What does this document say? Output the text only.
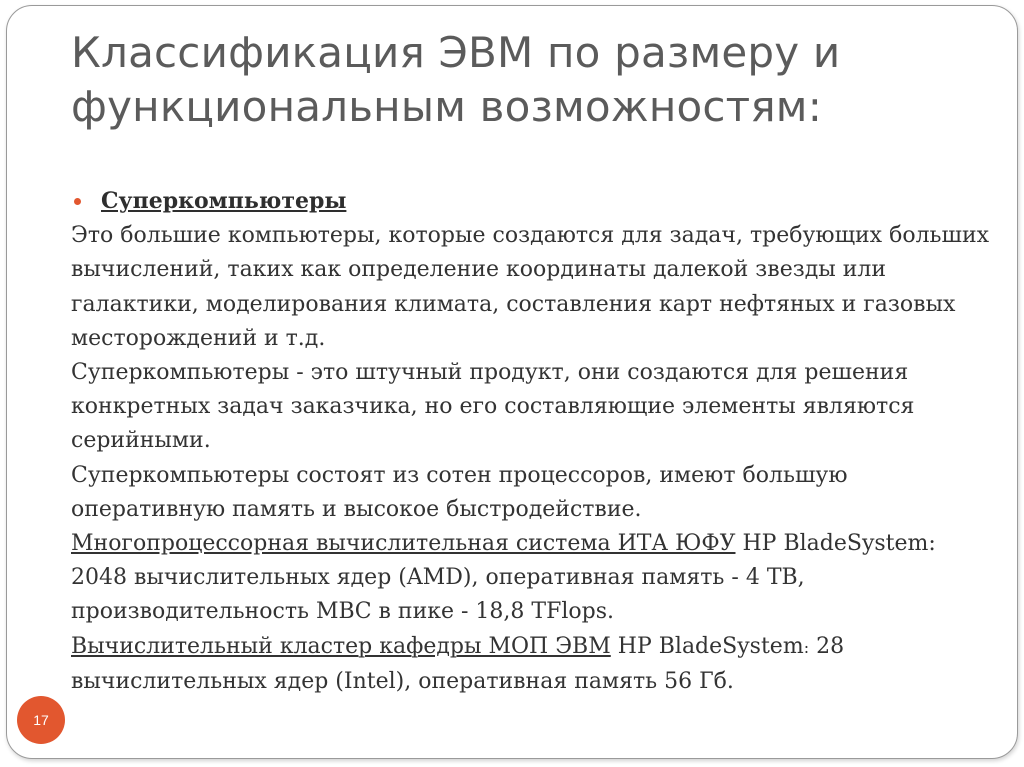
Классификация ЭВМ по размеру и функциональным возможностям:
Суперкомпьютеры

Это большие компьютеры, которые создаются для задач, требующих больших вычислений, таких как определение координаты далекой звезды или галактики, моделирования климата, составления карт нефтяных и газовых месторождений и т.д.

Суперкомпьютеры - это штучный продукт, они создаются для решения конкретных задач заказчика, но его составляющие элементы являются серийными.

Суперкомпьютеры состоят из сотен процессоров, имеют большую оперативную память и высокое быстродействие.

Многопроцессорная вычислительная система ИТА ЮФУ HP BladeSystem: 2048 вычислительных ядер (AMD), оперативная память - 4 ТВ, производительность МВС в пике - 18,8 TFlops.

Вычислительный кластер кафедры МОП ЭВМ HP BladeSystem: 28 вычислительных ядер (Intel), оперативная память 56 Гб.

17
